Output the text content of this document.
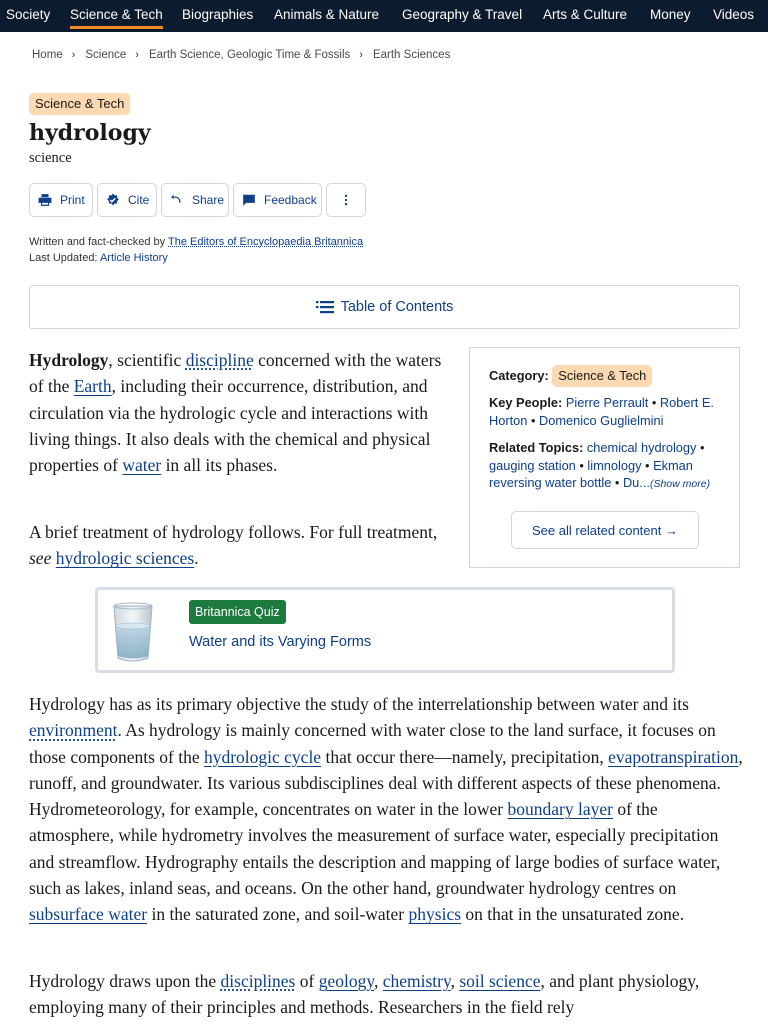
Society Science & Tech Biographies Animals & Nature Geography & Travel Arts & Culture Money Videos
Home › Science › Earth Science, Geologic Time & Fossils › Earth Sciences
Science & Tech
hydrology
science
Print	Cite	Share	Feedback
Written and fact-checked by The Editors of Encyclopaedia Britannica
Last Updated: Article History
Table of Contents

Hydrology, scientific discipline concerned with the waters of the Earth, including their occurrence, distribution, and circulation via the hydrologic cycle and interactions with living things. It also deals with the chemical and physical properties of water in all its phases.

A brief treatment of hydrology follows. For full treatment, see hydrologic sciences.

Category: Science & Tech
Key People: Pierre Perrault • Robert E. Horton • Domenico Guglielmini
Related Topics: chemical hydrology • gauging station • limnology • Ekman reversing water bottle • Du...(Show more)
See all related content →
Britannica Quiz
Water and its Varying Forms

Hydrology has as its primary objective the study of the interrelationship between water and its environment. As hydrology is mainly concerned with water close to the land surface, it focuses on those components of the hydrologic cycle that occur there—namely, precipitation, evapotranspiration, runoff, and groundwater. Its various subdisciplines deal with different aspects of these phenomena. Hydrometeorology, for example, concentrates on water in the lower boundary layer of the atmosphere, while hydrometry involves the measurement of surface water, especially precipitation and streamflow. Hydrography entails the description and mapping of large bodies of surface water, such as lakes, inland seas, and oceans. On the other hand, groundwater hydrology centres on subsurface water in the saturated zone, and soil-water physics on that in the unsaturated zone.

Hydrology draws upon the disciplines of geology, chemistry, soil science, and plant physiology, employing many of their principles and methods. Researchers in the field rely
